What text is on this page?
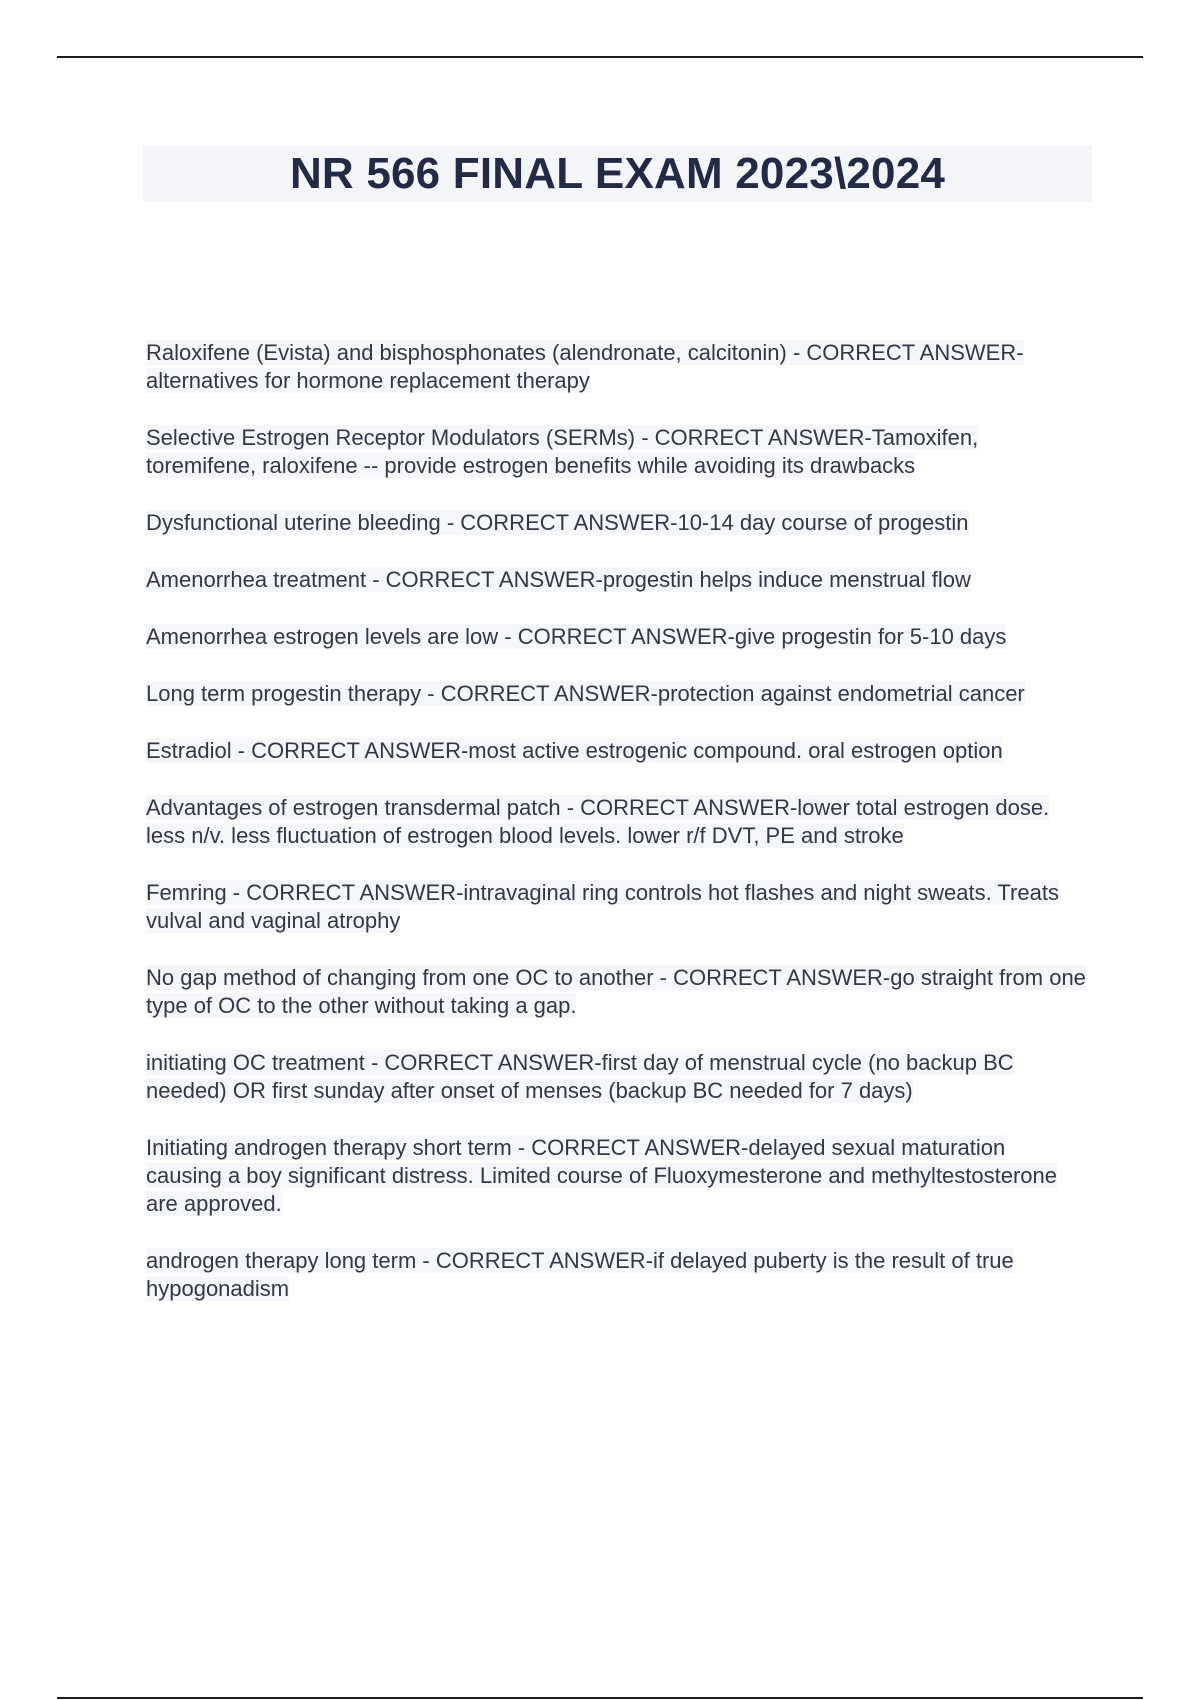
NR 566 FINAL EXAM 2023\2024
Raloxifene (Evista) and bisphosphonates (alendronate, calcitonin) - CORRECT ANSWER-alternatives for hormone replacement therapy
Selective Estrogen Receptor Modulators (SERMs) - CORRECT ANSWER-Tamoxifen, toremifene, raloxifene -- provide estrogen benefits while avoiding its drawbacks
Dysfunctional uterine bleeding - CORRECT ANSWER-10-14 day course of progestin
Amenorrhea treatment - CORRECT ANSWER-progestin helps induce menstrual flow
Amenorrhea estrogen levels are low - CORRECT ANSWER-give progestin for 5-10 days
Long term progestin therapy - CORRECT ANSWER-protection against endometrial cancer
Estradiol - CORRECT ANSWER-most active estrogenic compound. oral estrogen option
Advantages of estrogen transdermal patch - CORRECT ANSWER-lower total estrogen dose. less n/v. less fluctuation of estrogen blood levels. lower r/f DVT, PE and stroke
Femring - CORRECT ANSWER-intravaginal ring controls hot flashes and night sweats. Treats vulval and vaginal atrophy
No gap method of changing from one OC to another - CORRECT ANSWER-go straight from one type of OC to the other without taking a gap.
initiating OC treatment - CORRECT ANSWER-first day of menstrual cycle (no backup BC needed) OR first sunday after onset of menses (backup BC needed for 7 days)
Initiating androgen therapy short term - CORRECT ANSWER-delayed sexual maturation causing a boy significant distress. Limited course of Fluoxymesterone and methyltestosterone are approved.
androgen therapy long term - CORRECT ANSWER-if delayed puberty is the result of true hypogonadism
